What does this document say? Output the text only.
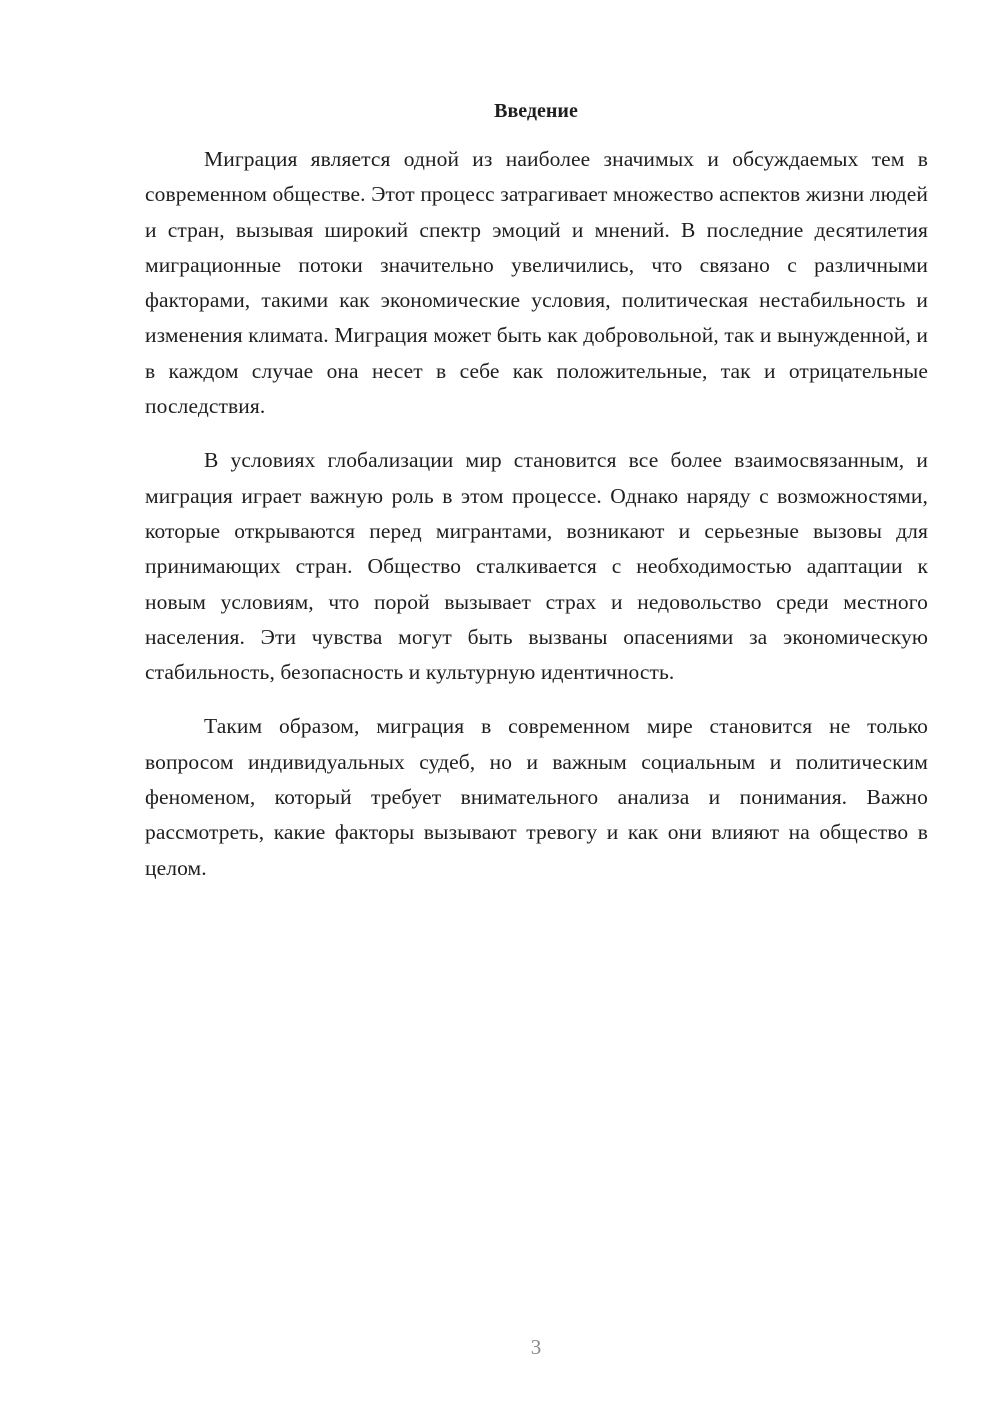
Введение

Миграция является одной из наиболее значимых и обсуждаемых тем в современном обществе. Этот процесс затрагивает множество аспектов жизни людей и стран, вызывая широкий спектр эмоций и мнений. В последние десятилетия миграционные потоки значительно увеличились, что связано с различными факторами, такими как экономические условия, политическая нестабильность и изменения климата. Миграция может быть как добровольной, так и вынужденной, и в каждом случае она несет в себе как положительные, так и отрицательные последствия.

В условиях глобализации мир становится все более взаимосвязанным, и миграция играет важную роль в этом процессе. Однако наряду с возможностями, которые открываются перед мигрантами, возникают и серьезные вызовы для принимающих стран. Общество сталкивается с необходимостью адаптации к новым условиям, что порой вызывает страх и недовольство среди местного населения. Эти чувства могут быть вызваны опасениями за экономическую стабильность, безопасность и культурную идентичность.

Таким образом, миграция в современном мире становится не только вопросом индивидуальных судеб, но и важным социальным и политическим феноменом, который требует внимательного анализа и понимания. Важно рассмотреть, какие факторы вызывают тревогу и как они влияют на общество в целом.

3
